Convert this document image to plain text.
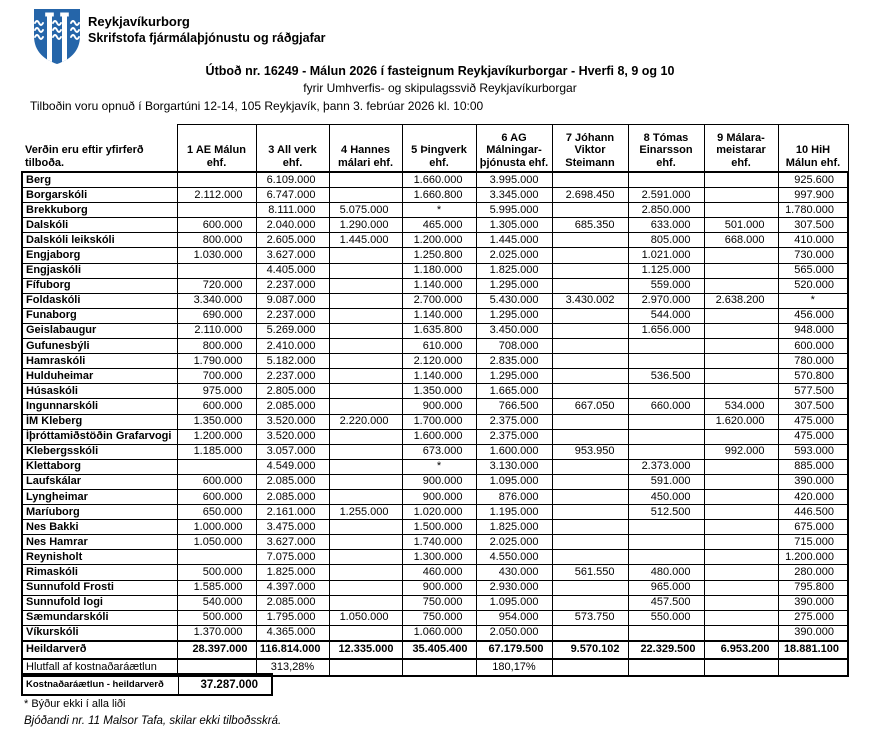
Reykjavíkurborg
Skrifstofa fjármálaþjónustu og ráðgjafar
Útboð nr. 16249 - Málun 2026 í fasteignum Reykjavíkurborgar - Hverfi 8, 9 og 10
fyrir Umhverfis- og skipulagssvið Reykjavíkurborgar
Tilboðin voru opnuð í Borgartúni 12-14, 105 Reykjavík, þann 3. febrúar 2026 kl. 10:00
Verðin eru eftir yfirferð tilboða.	1 AE Málun ehf.	3 All verk ehf.	4 Hannes málari ehf.	5 Þingverk ehf.	6 AG Málningar-þjónusta ehf.	7 Jóhann Viktor Steimann	8 Tómas Einarsson ehf.	9 Málara-meistarar ehf.	10 HiH Málun ehf.
Berg		6.109.000		1.660.000	3.995.000				925.600
Borgarskóli	2.112.000	6.747.000		1.660.800	3.345.000	2.698.450	2.591.000		997.900
Brekkuborg		8.111.000	5.075.000	*	5.995.000		2.850.000		1.780.000
Dalskóli	600.000	2.040.000	1.290.000	465.000	1.305.000	685.350	633.000	501.000	307.500
Dalskóli leikskóli	800.000	2.605.000	1.445.000	1.200.000	1.445.000		805.000	668.000	410.000
Engjaborg	1.030.000	3.627.000		1.250.800	2.025.000		1.021.000		730.000
Engjaskóli		4.405.000		1.180.000	1.825.000		1.125.000		565.000
Fífuborg	720.000	2.237.000		1.140.000	1.295.000		559.000		520.000
Foldaskóli	3.340.000	9.087.000		2.700.000	5.430.000	3.430.002	2.970.000	2.638.200	*
Funaborg	690.000	2.237.000		1.140.000	1.295.000		544.000		456.000
Geislabaugur	2.110.000	5.269.000		1.635.800	3.450.000		1.656.000		948.000
Gufunesbýli	800.000	2.410.000		610.000	708.000				600.000
Hamraskóli	1.790.000	5.182.000		2.120.000	2.835.000				780.000
Hulduheimar	700.000	2.237.000		1.140.000	1.295.000		536.500		570.800
Húsaskóli	975.000	2.805.000		1.350.000	1.665.000				577.500
Ingunnarskóli	600.000	2.085.000		900.000	766.500	667.050	660.000	534.000	307.500
ÍM Kleberg	1.350.000	3.520.000	2.220.000	1.700.000	2.375.000			1.620.000	475.000
Íþróttamiðstöðin Grafarvogi	1.200.000	3.520.000		1.600.000	2.375.000				475.000
Klebergsskóli	1.185.000	3.057.000		673.000	1.600.000	953.950		992.000	593.000
Klettaborg		4.549.000		*	3.130.000		2.373.000		885.000
Laufskálar	600.000	2.085.000		900.000	1.095.000		591.000		390.000
Lyngheimar	600.000	2.085.000		900.000	876.000		450.000		420.000
Maríuborg	650.000	2.161.000	1.255.000	1.020.000	1.195.000		512.500		446.500
Nes Bakki	1.000.000	3.475.000		1.500.000	1.825.000				675.000
Nes Hamrar	1.050.000	3.627.000		1.740.000	2.025.000				715.000
Reynisholt		7.075.000		1.300.000	4.550.000				1.200.000
Rimaskóli	500.000	1.825.000		460.000	430.000	561.550	480.000		280.000
Sunnufold Frosti	1.585.000	4.397.000		900.000	2.930.000		965.000		795.800
Sunnufold logi	540.000	2.085.000		750.000	1.095.000		457.500		390.000
Sæmundarskóli	500.000	1.795.000	1.050.000	750.000	954.000	573.750	550.000		275.000
Víkurskóli	1.370.000	4.365.000		1.060.000	2.050.000				390.000
Heildarverð	28.397.000	116.814.000	12.335.000	35.405.400	67.179.500	9.570.102	22.329.500	6.953.200	18.881.100
Hlutfall af kostnaðaráætlun		313,28%			180,17%				
Kostnaðaráætlun - heildarverð	37.287.000
* Býður ekki í alla liði
Bjóðandi nr. 11 Malsor Tafa, skilar ekki tilboðsskrá.
